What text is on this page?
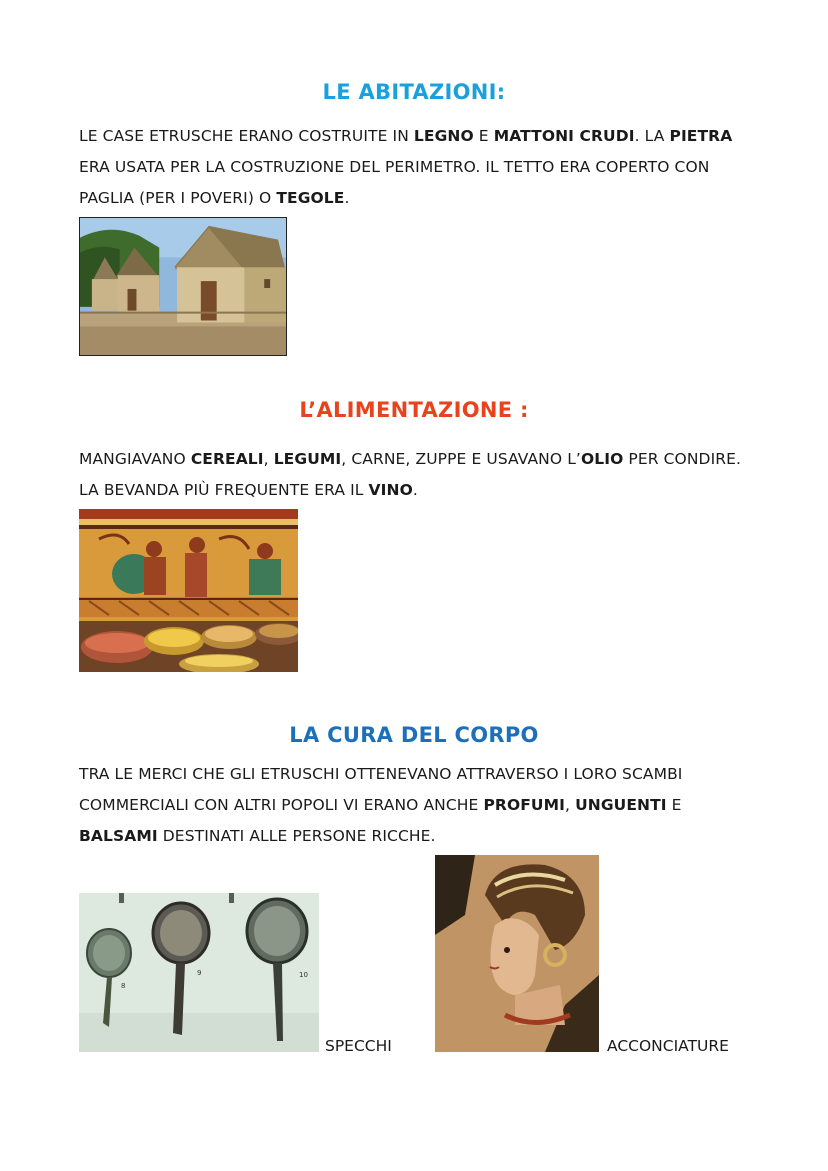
LE ABITAZIONI:

LE CASE ETRUSCHE ERANO COSTRUITE IN LEGNO E MATTONI CRUDI. LA PIETRA ERA USATA PER LA COSTRUZIONE DEL PERIMETRO. IL TETTO ERA COPERTO CON PAGLIA (PER I POVERI) O TEGOLE.

L’ALIMENTAZIONE :

MANGIAVANO CEREALI, LEGUMI, CARNE, ZUPPE E USAVANO L’OLIO PER CONDIRE. LA BEVANDA PIÙ FREQUENTE ERA IL VINO.

LA CURA DEL CORPO

TRA LE MERCI CHE GLI ETRUSCHI OTTENEVANO ATTRAVERSO I LORO SCAMBI COMMERCIALI CON ALTRI POPOLI VI ERANO ANCHE PROFUMI, UNGUENTI E BALSAMI DESTINATI ALLE PERSONE RICCHE.

8
9	10
SPECCHI	ACCONCIATURE
